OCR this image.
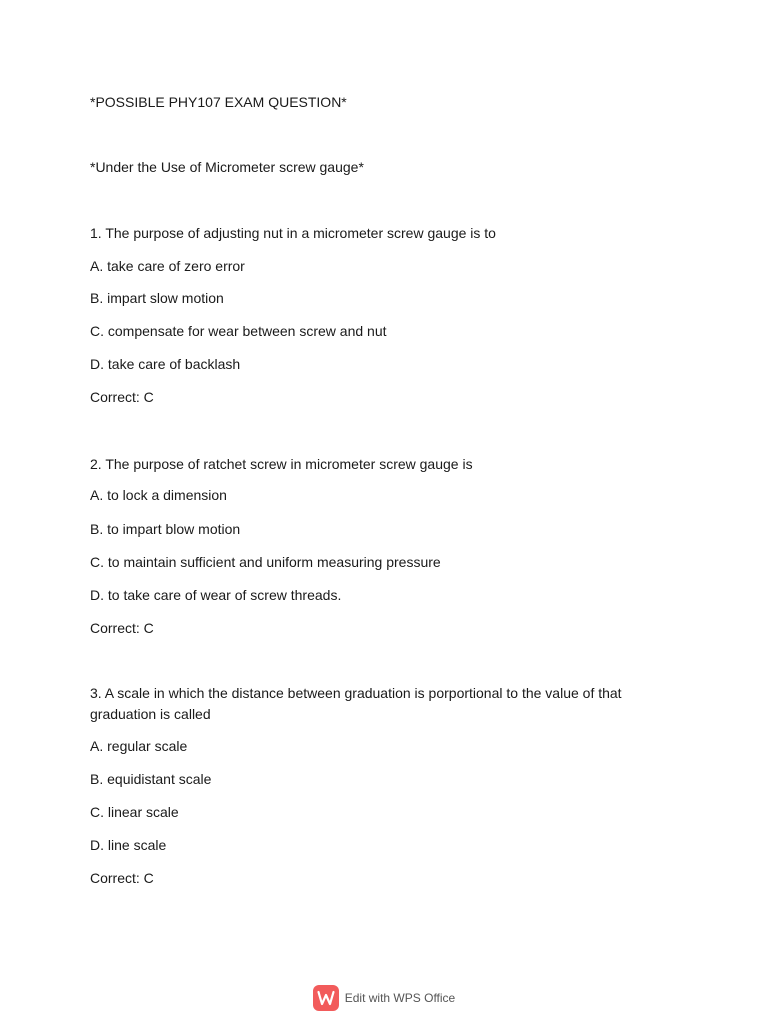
*POSSIBLE PHY107 EXAM QUESTION*
*Under the Use of Micrometer screw gauge*
1. The purpose of adjusting nut in a micrometer screw gauge is to
A. take care of zero error
B. impart slow motion
C. compensate for wear between screw and nut
D. take care of backlash
Correct: C
2. The purpose of ratchet screw in micrometer screw gauge is
A. to lock a dimension
B. to impart blow motion
C. to maintain sufficient and uniform measuring pressure
D. to take care of wear of screw threads.
Correct: C
3. A scale in which the distance between graduation is porportional to the value of that
graduation is called
A. regular scale
B. equidistant scale
C. linear scale
D. line scale
Correct: C
Edit with WPS Office
